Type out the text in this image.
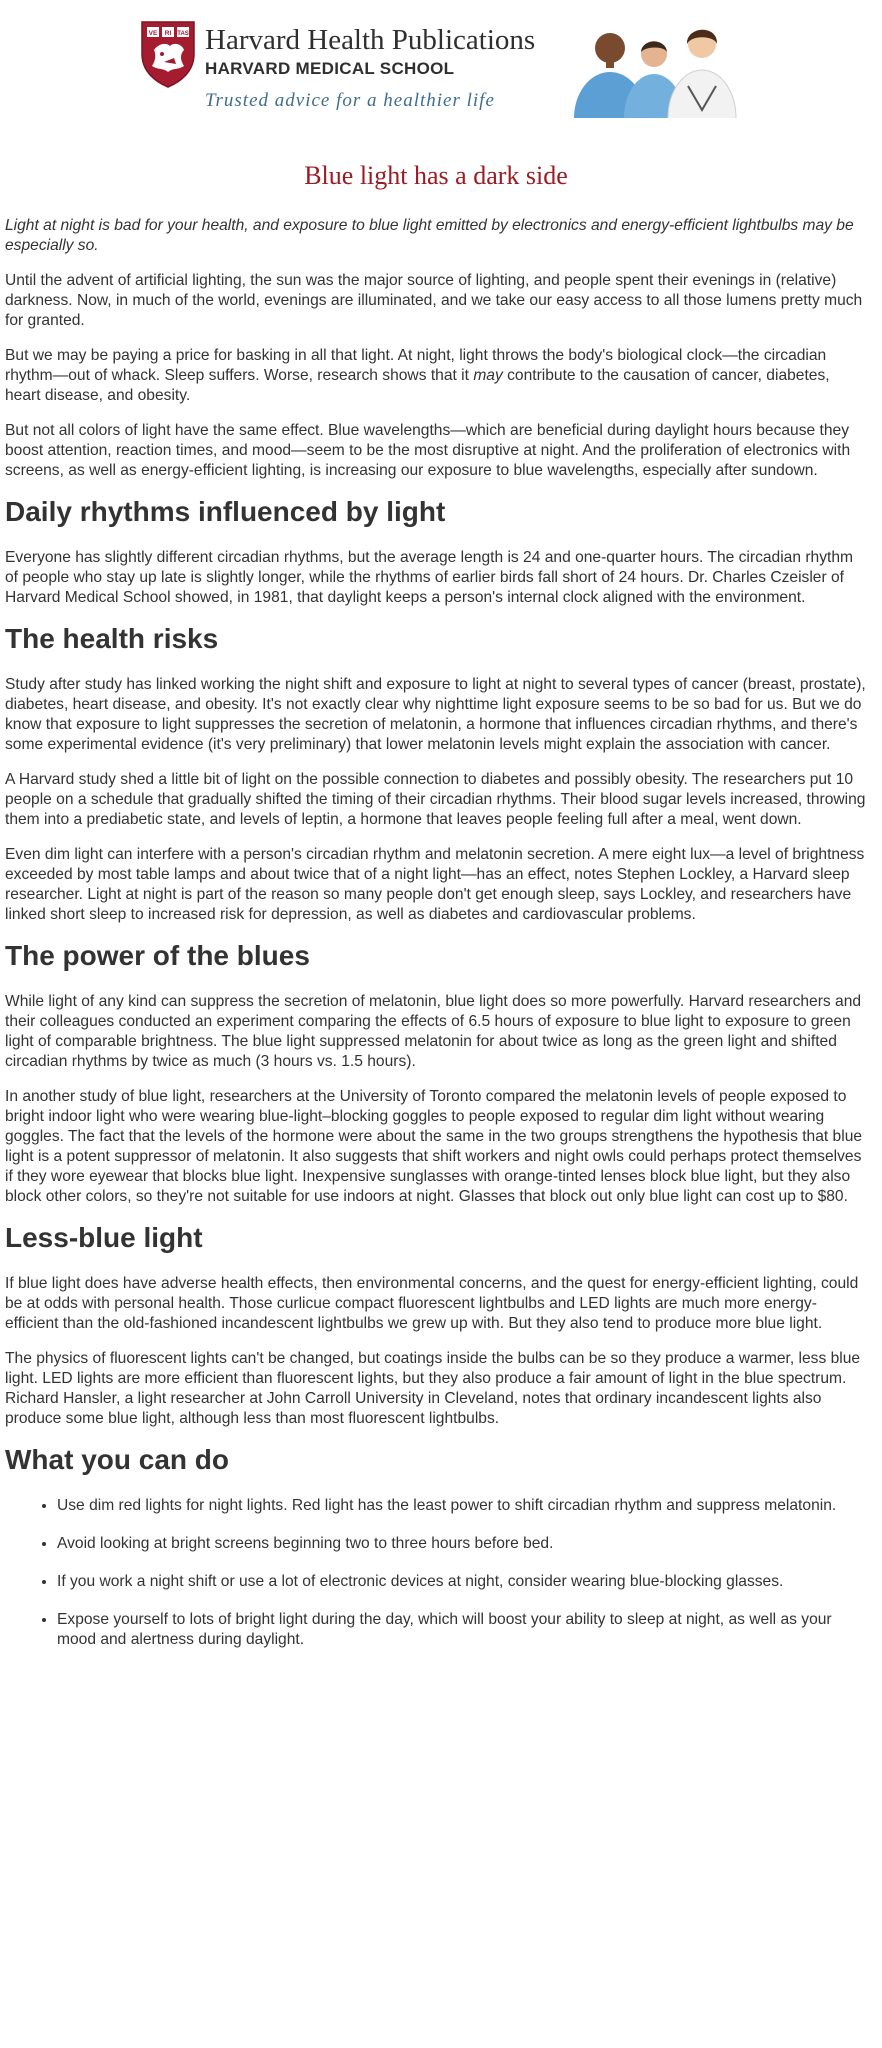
VE RI TAS Harvard Health Publications
HARVARD MEDICAL SCHOOL
Trusted advice for a healthier life
Blue light has a dark side

Light at night is bad for your health, and exposure to blue light emitted by electronics and energy-efficient lightbulbs may be especially so.

Until the advent of artificial lighting, the sun was the major source of lighting, and people spent their evenings in (relative) darkness. Now, in much of the world, evenings are illuminated, and we take our easy access to all those lumens pretty much for granted.

But we may be paying a price for basking in all that light. At night, light throws the body's biological clock—the circadian rhythm—out of whack. Sleep suffers. Worse, research shows that it may contribute to the causation of cancer, diabetes, heart disease, and obesity.

But not all colors of light have the same effect. Blue wavelengths—which are beneficial during daylight hours because they boost attention, reaction times, and mood—seem to be the most disruptive at night. And the proliferation of electronics with screens, as well as energy-efficient lighting, is increasing our exposure to blue wavelengths, especially after sundown.

Daily rhythms influenced by light

Everyone has slightly different circadian rhythms, but the average length is 24 and one-quarter hours. The circadian rhythm of people who stay up late is slightly longer, while the rhythms of earlier birds fall short of 24 hours. Dr. Charles Czeisler of Harvard Medical School showed, in 1981, that daylight keeps a person's internal clock aligned with the environment.

The health risks

Study after study has linked working the night shift and exposure to light at night to several types of cancer (breast, prostate), diabetes, heart disease, and obesity. It's not exactly clear why nighttime light exposure seems to be so bad for us. But we do know that exposure to light suppresses the secretion of melatonin, a hormone that influences circadian rhythms, and there's some experimental evidence (it's very preliminary) that lower melatonin levels might explain the association with cancer.

A Harvard study shed a little bit of light on the possible connection to diabetes and possibly obesity. The researchers put 10 people on a schedule that gradually shifted the timing of their circadian rhythms. Their blood sugar levels increased, throwing them into a prediabetic state, and levels of leptin, a hormone that leaves people feeling full after a meal, went down.

Even dim light can interfere with a person's circadian rhythm and melatonin secretion. A mere eight lux—a level of brightness exceeded by most table lamps and about twice that of a night light—has an effect, notes Stephen Lockley, a Harvard sleep researcher. Light at night is part of the reason so many people don't get enough sleep, says Lockley, and researchers have linked short sleep to increased risk for depression, as well as diabetes and cardiovascular problems.

The power of the blues

While light of any kind can suppress the secretion of melatonin, blue light does so more powerfully. Harvard researchers and their colleagues conducted an experiment comparing the effects of 6.5 hours of exposure to blue light to exposure to green light of comparable brightness. The blue light suppressed melatonin for about twice as long as the green light and shifted circadian rhythms by twice as much (3 hours vs. 1.5 hours).

In another study of blue light, researchers at the University of Toronto compared the melatonin levels of people exposed to bright indoor light who were wearing blue-light–blocking goggles to people exposed to regular dim light without wearing goggles. The fact that the levels of the hormone were about the same in the two groups strengthens the hypothesis that blue light is a potent suppressor of melatonin. It also suggests that shift workers and night owls could perhaps protect themselves if they wore eyewear that blocks blue light. Inexpensive sunglasses with orange-tinted lenses block blue light, but they also block other colors, so they're not suitable for use indoors at night. Glasses that block out only blue light can cost up to $80.

Less-blue light

If blue light does have adverse health effects, then environmental concerns, and the quest for energy-efficient lighting, could be at odds with personal health. Those curlicue compact fluorescent lightbulbs and LED lights are much more energy-efficient than the old-fashioned incandescent lightbulbs we grew up with. But they also tend to produce more blue light.

The physics of fluorescent lights can't be changed, but coatings inside the bulbs can be so they produce a warmer, less blue light. LED lights are more efficient than fluorescent lights, but they also produce a fair amount of light in the blue spectrum. Richard Hansler, a light researcher at John Carroll University in Cleveland, notes that ordinary incandescent lights also produce some blue light, although less than most fluorescent lightbulbs.

What you can do
• Use dim red lights for night lights. Red light has the least power to shift circadian rhythm and suppress melatonin.
• Avoid looking at bright screens beginning two to three hours before bed.
• If you work a night shift or use a lot of electronic devices at night, consider wearing blue-blocking glasses.
• Expose yourself to lots of bright light during the day, which will boost your ability to sleep at night, as well as your mood and alertness during daylight.
